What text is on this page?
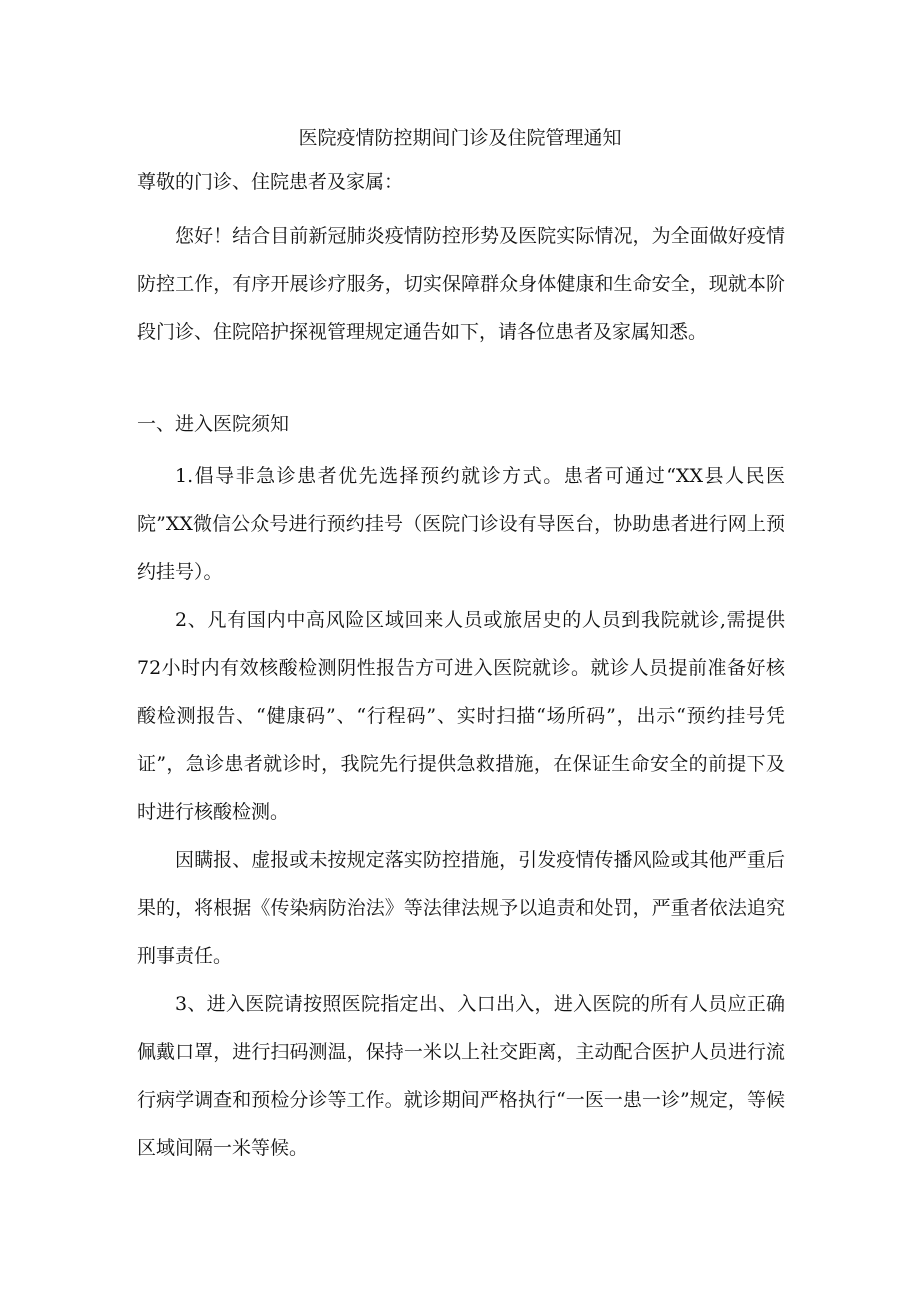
医院疫情防控期间门诊及住院管理通知

尊敬的门诊、住院患者及家属：

您好！结合目前新冠肺炎疫情防控形势及医院实际情况，为全面做好疫情防控工作，有序开展诊疗服务，切实保障群众身体健康和生命安全，现就本阶段门诊、住院陪护探视管理规定通告如下，请各位患者及家属知悉。

一、进入医院须知

1.倡导非急诊患者优先选择预约就诊方式。患者可通过“XX县人民医院”XX微信公众号进行预约挂号（医院门诊设有导医台，协助患者进行网上预约挂号）。

2、凡有国内中高风险区域回来人员或旅居史的人员到我院就诊,需提供72小时内有效核酸检测阴性报告方可进入医院就诊。就诊人员提前准备好核酸检测报告、“健康码”、“行程码”、实时扫描“场所码”，出示“预约挂号凭证”，急诊患者就诊时，我院先行提供急救措施，在保证生命安全的前提下及时进行核酸检测。

因瞒报、虚报或未按规定落实防控措施，引发疫情传播风险或其他严重后果的，将根据《传染病防治法》等法律法规予以追责和处罚，严重者依法追究刑事责任。

3、进入医院请按照医院指定出、入口出入，进入医院的所有人员应正确佩戴口罩，进行扫码测温，保持一米以上社交距离，主动配合医护人员进行流行病学调查和预检分诊等工作。就诊期间严格执行“一医一患一诊”规定，等候区域间隔一米等候。
